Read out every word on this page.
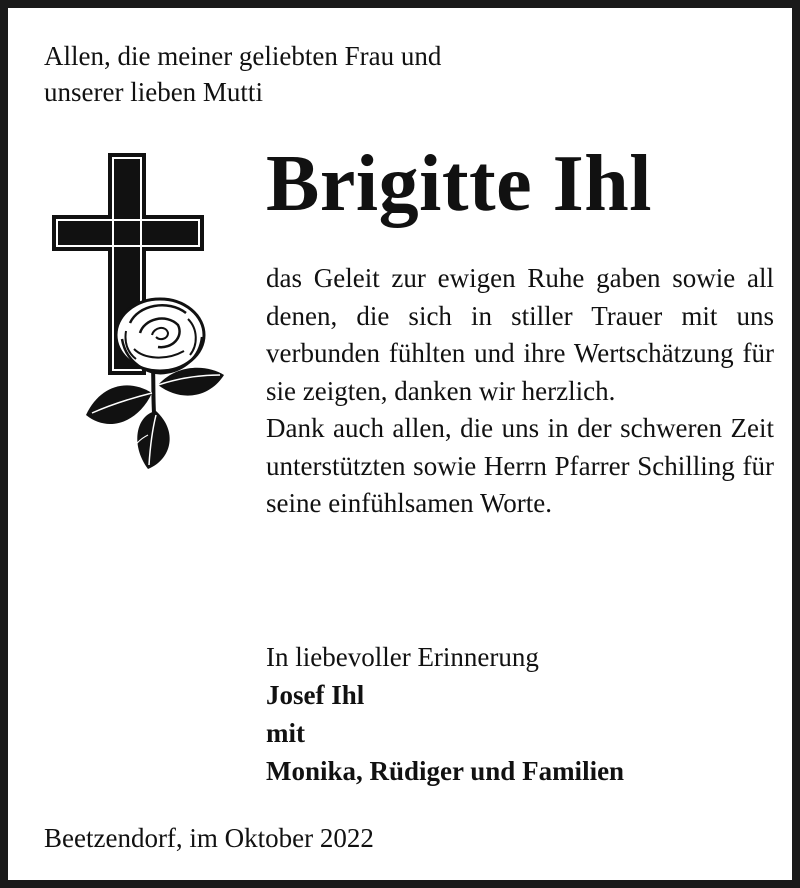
Allen, die meiner geliebten Frau und
unserer lieben Mutti
Brigitte Ihl

das Geleit zur ewigen Ruhe gaben sowie all denen, die sich in stiller Trauer mit uns verbunden fühlten und ihre Wertschätzung für sie zeigten, danken wir herzlich.

Dank auch allen, die uns in der schweren Zeit unterstützten sowie Herrn Pfarrer Schilling für seine einfühlsamen Worte.

In liebevoller Erinnerung
Josef Ihl
mit
Monika, Rüdiger und Familien
Beetzendorf, im Oktober 2022
